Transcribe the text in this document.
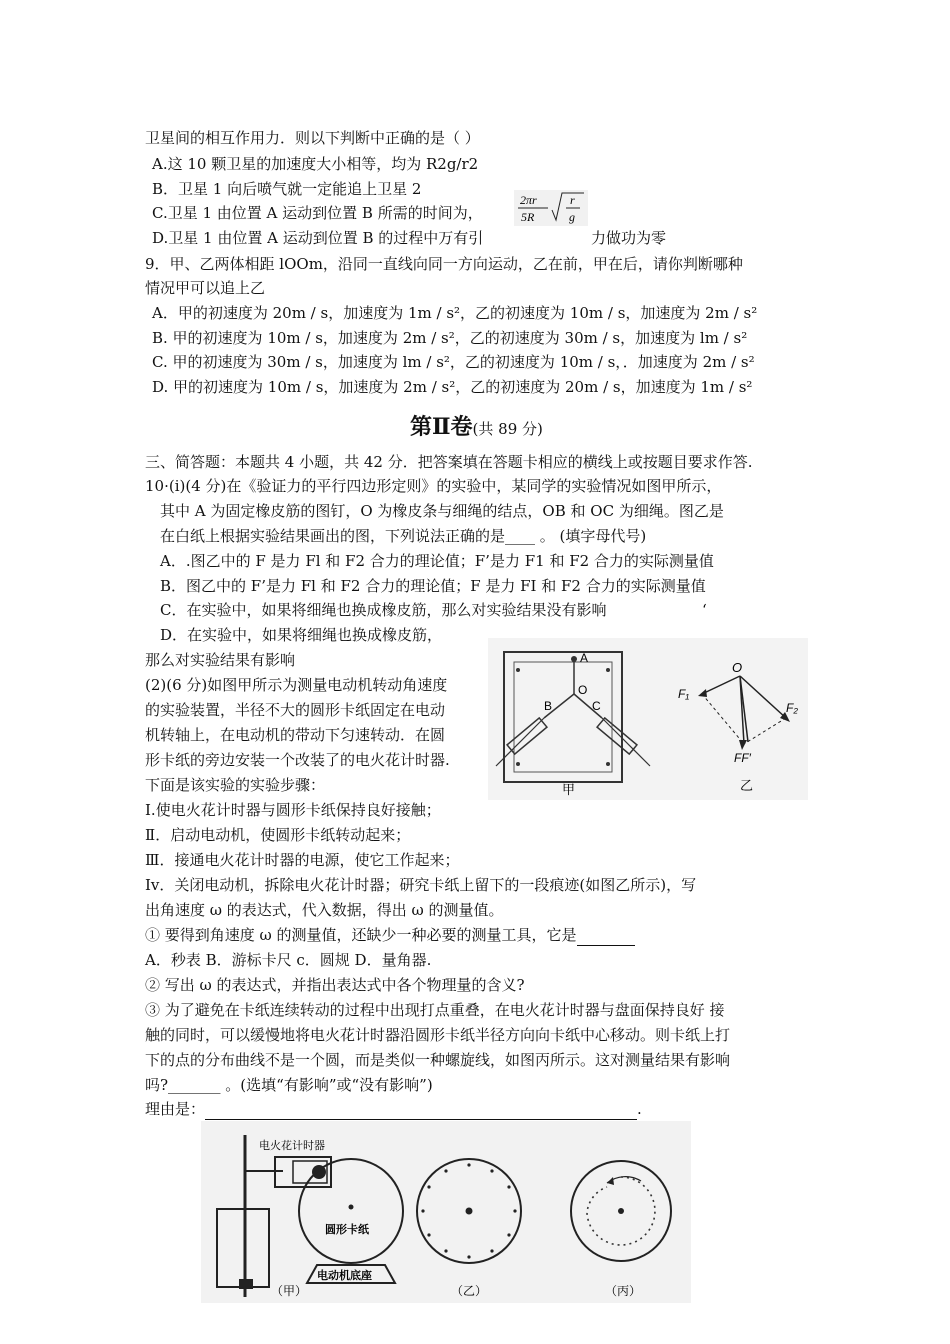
卫星间的相互作用力．则以下判断中正确的是（ ）
A.这 10 颗卫星的加速度大小相等，均为 R2g/r2
B．卫星 1 向后喷气就一定能追上卫星 2
C.卫星 1 由位置 A 运动到位置 B 所需的时间为，
2πr
5R
r
g
D.卫星 1 由位置 A 运动到位置 B 的过程中万有引	力做功为零
9．甲、乙两体相距 lOOm，沿同一直线向同一方向运动，乙在前，甲在后，请你判断哪种
情况甲可以追上乙
A．甲的初速度为 20m / s，加速度为 1m / s²，乙的初速度为 10m / s，加速度为 2m / s²
B. 甲的初速度为 10m / s，加速度为 2m / s²，乙的初速度为 30m / s，加速度为 lm / s²
C. 甲的初速度为 30m / s，加速度为 lm / s²，乙的初速度为 10m / s，．加速度为 2m / s²
D. 甲的初速度为 10m / s，加速度为 2m / s²，乙的初速度为 20m / s，加速度为 1m / s²
第Ⅱ卷(共 89 分)
三、简答题：本题共 4 小题，共 42 分．把答案填在答题卡相应的横线上或按题目要求作答.
10·(i)(4 分)在《验证力的平行四边形定则》的实验中，某同学的实验情况如图甲所示，
其中 A 为固定橡皮筋的图钉，O 为橡皮条与细绳的结点，OB 和 OC 为细绳。图乙是
在白纸上根据实验结果画出的图，下列说法正确的是____ 。 (填字母代号)
A．.图乙中的 F 是力 Fl 和 F2 合力的理论值；F’是力 F1 和 F2 合力的实际测量值
B．图乙中的 F’是力 Fl 和 F2 合力的理论值；F 是力 FI 和 F2 合力的实际测量值
C．在实验中，如果将细绳也换成橡皮筋，那么对实验结果没有影响	‘
D．在实验中，如果将细绳也换成橡皮筋，
那么对实验结果有影响	A
O
B	C
甲
O
F₁
F₂
FF′
乙
(2)(6 分)如图甲所示为测量电动机转动角速度
的实验装置，半径不大的圆形卡纸固定在电动
机转轴上，在电动机的带动下匀速转动．在圆
形卡纸的旁边安装一个改装了的电火花计时器.
下面是该实验的实验步骤：
I.使电火花计时器与圆形卡纸保持良好接触；
Ⅱ．启动电动机，使圆形卡纸转动起来；
Ⅲ．接通电火花计时器的电源，使它工作起来；
Iv．关闭电动机，拆除电火花计时器；研究卡纸上留下的一段痕迹(如图乙所示)，写
出角速度 ω 的表达式，代入数据，得出 ω 的测量值。
① 要得到角速度 ω 的测量值，还缺少一种必要的测量工具，它是
A．秒表 B．游标卡尺 c．圆规 D．量角器.
② 写出 ω 的表达式，并指出表达式中各个物理量的含义?
③ 为了避免在卡纸连续转动的过程中出现打点重叠，在电火花计时器与盘面保持良好 接
触的同时，可以缓慢地将电火花计时器沿圆形卡纸半径方向向卡纸中心移动。则卡纸上打
下的点的分布曲线不是一个圆，而是类似一种螺旋线，如图丙所示。这对测量结果有影响
吗?_______ 。(选填“有影响”或“没有影响”)
理由是：	.
电火花计时器
圆形卡纸
电动机底座
（甲）	（乙）	（丙）
